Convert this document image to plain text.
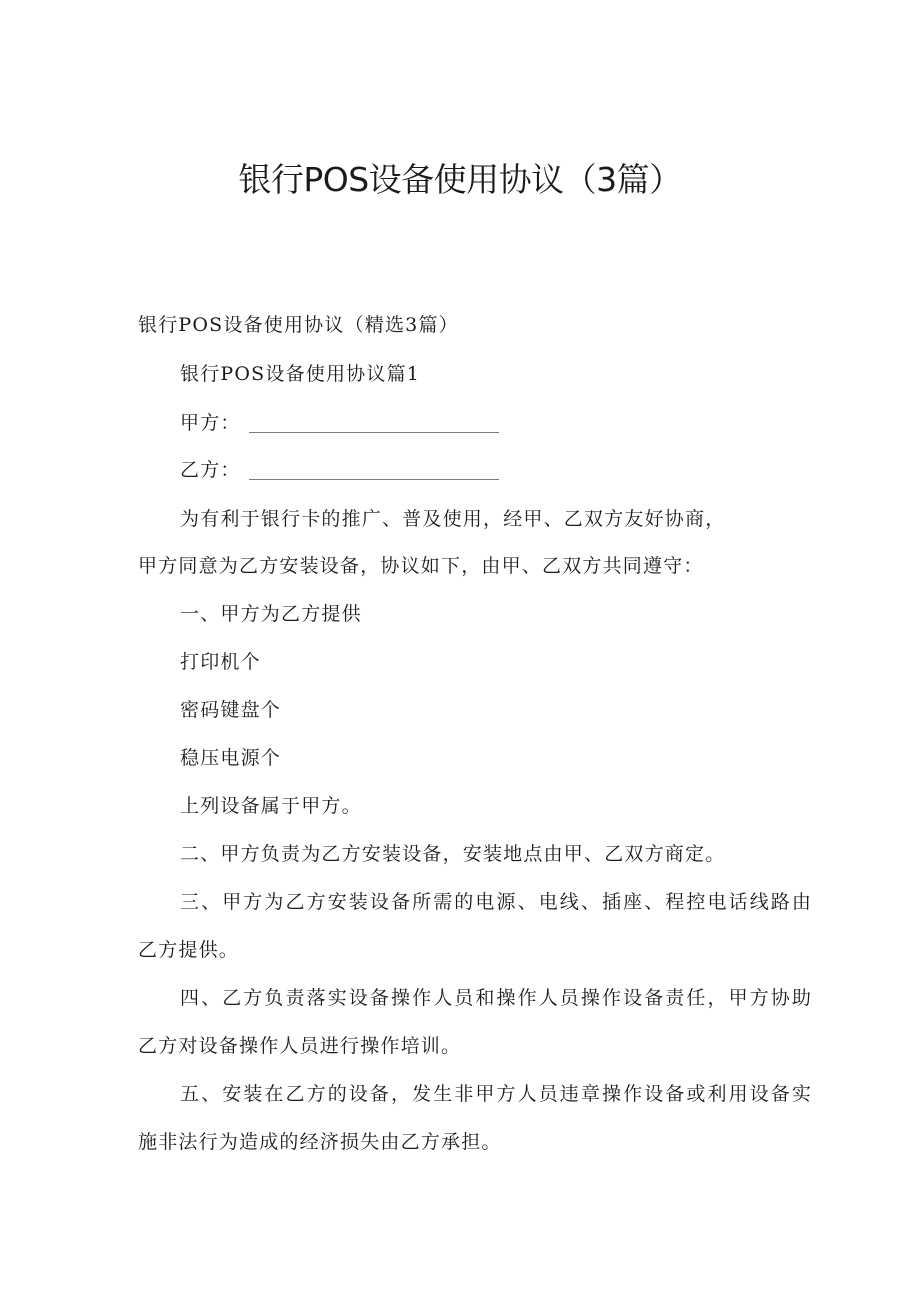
银行POS设备使用协议（3篇）

银行POS设备使用协议（精选3篇）

银行POS设备使用协议篇1

甲方：

乙方：

为有利于银行卡的推广、普及使用，经甲、乙双方友好协商，

甲方同意为乙方安装设备，协议如下，由甲、乙双方共同遵守：

一、甲方为乙方提供

打印机个

密码键盘个

稳压电源个

上列设备属于甲方。

二、甲方负责为乙方安装设备，安装地点由甲、乙双方商定。

三、甲方为乙方安装设备所需的电源、电线、插座、程控电话线路由

乙方提供。

四、乙方负责落实设备操作人员和操作人员操作设备责任，甲方协助

乙方对设备操作人员进行操作培训。

五、安装在乙方的设备，发生非甲方人员违章操作设备或利用设备实

施非法行为造成的经济损失由乙方承担。
